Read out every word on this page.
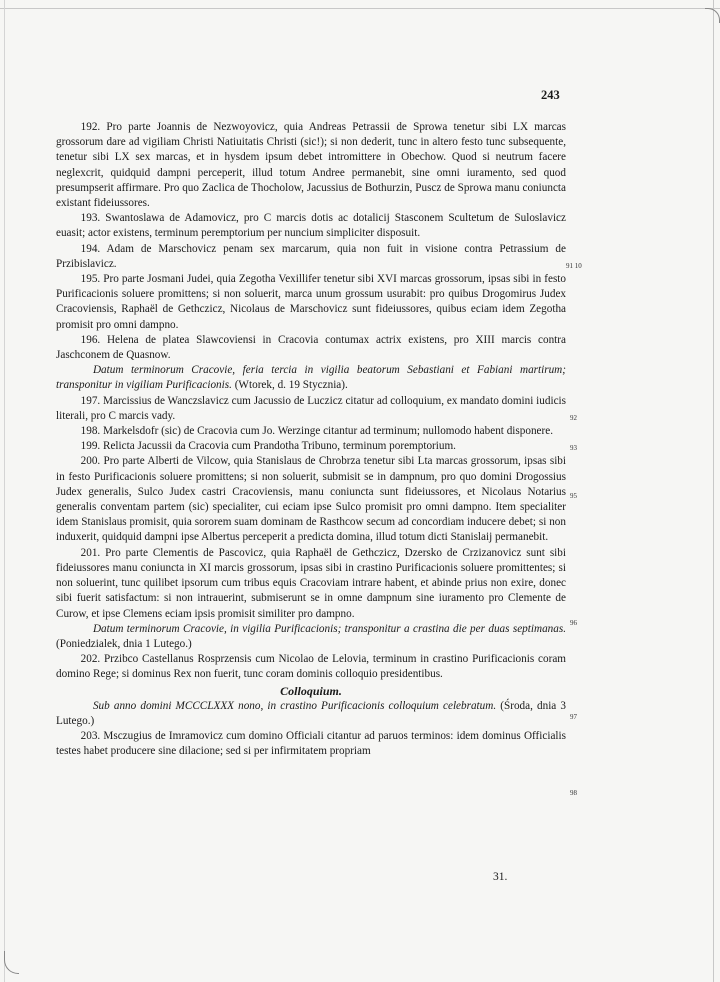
243

192. Pro parte Joannis de Nezwoyovicz, quia Andreas Petrassii de Sprowa tenetur sibi LX marcas grossorum dare ad vigiliam Christi Natiuitatis Christi (sic!); si non dederit, tunc in altero festo tunc subsequente, tenetur sibi LX sex marcas, et in hysdem ipsum debet intromittere in Obechow. Quod si neutrum facere neglexcrit, quidquid dampni perceperit, illud totum Andree permanebit, sine omni iuramento, sed quod presumpserit affirmare. Pro quo Zaclica de Thocholow, Jacussius de Bothurzin, Puscz de Sprowa manu coniuncta existant fideiussores.

193. Swantoslawa de Adamovicz, pro C marcis dotis ac dotalicij Stasconem Scultetum de Suloslavicz euasit; actor existens, terminum peremptorium per nuncium simpliciter disposuit.

194. Adam de Marschovicz penam sex marcarum, quia non fuit in visione contra Petrassium de Przibislavicz.

195. Pro parte Josmani Judei, quia Zegotha Vexillifer tenetur sibi XVI marcas grossorum, ipsas sibi in festo Purificacionis soluere promittens; si non soluerit, marca unum grossum usurabit: pro quibus Drogomirus Judex Cracoviensis, Raphaël de Gethczicz, Nicolaus de Marschovicz sunt fideiussores, quibus eciam idem Zegotha promisit pro omni dampno.

196. Helena de platea Slawcoviensi in Cracovia contumax actrix existens, pro XIII marcis contra Jaschconem de Quasnow.

Datum terminorum Cracovie, feria tercia in vigilia beatorum Sebastiani et Fabiani martirum; transponitur in vigiliam Purificacionis. (Wtorek, d. 19 Stycznia).

197. Marcissius de Wanczslavicz cum Jacussio de Luczicz citatur ad colloquium, ex mandato domini iudicis literali, pro C marcis vady.

198. Markelsdofr (sic) de Cracovia cum Jo. Werzinge citantur ad terminum; nullomodo habent disponere.

199. Relicta Jacussii da Cracovia cum Prandotha Tribuno, terminum poremptorium.

200. Pro parte Alberti de Vilcow, quia Stanislaus de Chrobrza tenetur sibi Lta marcas grossorum, ipsas sibi in festo Purificacionis soluere promittens; si non soluerit, submisit se in dampnum, pro quo domini Drogossius Judex generalis, Sulco Judex castri Cracoviensis, manu coniuncta sunt fideiussores, et Nicolaus Notarius generalis conventam partem (sic) specialiter, cui eciam ipse Sulco promisit pro omni dampno. Item specialiter idem Stanislaus promisit, quia sororem suam dominam de Rasthcow secum ad concordiam inducere debet; si non induxerit, quidquid dampni ipse Albertus perceperit a predicta domina, illud totum dicti Stanislaij permanebit.

201. Pro parte Clementis de Pascovicz, quia Raphaël de Gethczicz, Dzersko de Crzizanovicz sunt sibi fideiussores manu coniuncta in XI marcis grossorum, ipsas sibi in crastino Purificacionis soluere promittentes; si non soluerint, tunc quilibet ipsorum cum tribus equis Cracoviam intrare habent, et abinde prius non exire, donec sibi fuerit satisfactum: si non intrauerint, submiserunt se in omne dampnum sine iuramento pro Clemente de Curow, et ipse Clemens eciam ipsis promisit similiter pro dampno.

Datum terminorum Cracovie, in vigilia Purificacionis; transponitur a crastina die per duas septimanas. (Poniedzialek, dnia 1 Lutego.)

202. Przibco Castellanus Rosprzensis cum Nicolao de Lelovia, terminum in crastino Purificacionis coram domino Rege; si dominus Rex non fuerit, tunc coram dominis colloquio presidentibus.

Colloquium.

Sub anno domini MCCCLXXX nono, in crastino Purificacionis colloquium celebratum. (Środa, dnia 3 Lutego.)

203. Msczugius de Imramovicz cum domino Officiali citantur ad paruos terminos: idem dominus Officialis testes habet producere sine dilacione; sed si per infirmitatem propriam

91 10
92
93
95
96
97
98
31.
